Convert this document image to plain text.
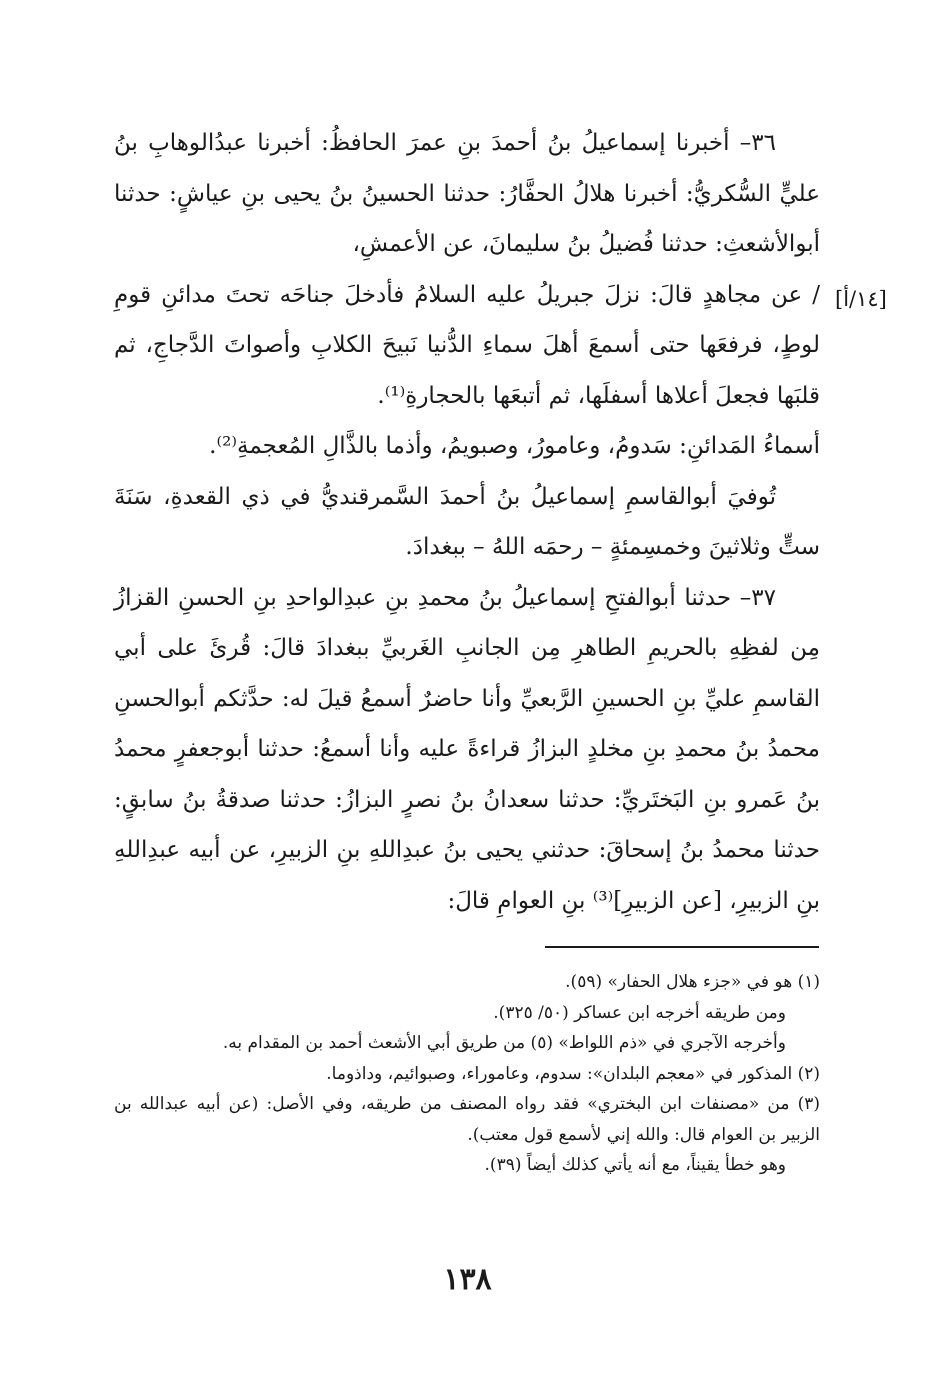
[١٤/أ]

٣٦– أخبرنا إسماعيلُ بنُ أحمدَ بنِ عمرَ الحافظُ: أخبرنا عبدُالوهابِ بنُ عليٍّ السُّكريُّ: أخبرنا هلالُ الحفَّارُ: حدثنا الحسينُ بنُ يحيى بنِ عياشٍ: حدثنا أبوالأشعثِ: حدثنا فُضيلُ بنُ سليمانَ، عن الأعمشِ،

/ عن مجاهدٍ قالَ: نزلَ جبريلُ عليه السلامُ فأدخلَ جناحَه تحتَ مدائنِ قومِ لوطٍ، فرفعَها حتى أسمعَ أهلَ سماءِ الدُّنيا نَبيحَ الكلابِ وأصواتَ الدَّجاجِ، ثم قلبَها فجعلَ أعلاها أسفلَها، ثم أتبعَها بالحجارةِ⁽¹⁾.

أسماءُ المَدائنِ: سَدومُ، وعامورُ، وصبويمُ، وأذما بالذَّالِ المُعجمةِ⁽²⁾.

تُوفيَ أبوالقاسمِ إسماعيلُ بنُ أحمدَ السَّمرقنديُّ في ذي القعدةِ، سَنَةَ ستٍّ وثلاثينَ وخمسِمئةٍ – رحمَه اللهُ – ببغدادَ.

٣٧– حدثنا أبوالفتحِ إسماعيلُ بنُ محمدِ بنِ عبدِالواحدِ بنِ الحسنِ القزازُ مِن لفظِهِ بالحريمِ الطاهرِ مِن الجانبِ الغَربيِّ ببغدادَ قالَ: قُرئَ على أبي القاسمِ عليِّ بنِ الحسينِ الرَّبعيِّ وأنا حاضرٌ أسمعُ قيلَ له: حدَّثكم أبوالحسنِ محمدُ بنُ محمدِ بنِ مخلدٍ البزازُ قراءةً عليه وأنا أسمعُ: حدثنا أبوجعفرٍ محمدُ بنُ عَمرو بنِ البَختَريِّ: حدثنا سعدانُ بنُ نصرٍ البزازُ: حدثنا صدقةُ بنُ سابقٍ: حدثنا محمدُ بنُ إسحاقَ: حدثني يحيى بنُ عبدِاللهِ بنِ الزبيرِ، عن أبيه عبدِاللهِ بنِ الزبيرِ، [عن الزبيرِ]⁽³⁾ بنِ العوامِ قالَ:

(١) هو في «جزء هلال الحفار» (٥٩).

ومن طريقه أخرجه ابن عساكر (٥٠/ ٣٢٥).

وأخرجه الآجري في «ذم اللواط» (٥) من طريق أبي الأشعث أحمد بن المقدام به.

(٢) المذكور في «معجم البلدان»: سدوم، وعاموراء، وصبوائيم، وداذوما.

(٣) من «مصنفات ابن البختري» فقد رواه المصنف من طريقه، وفي الأصل: (عن أبيه عبدالله بن الزبير بن العوام قال: والله إني لأسمع قول معتب).

وهو خطأ يقيناً، مع أنه يأتي كذلك أيضاً (٣٩).

١٣٨
